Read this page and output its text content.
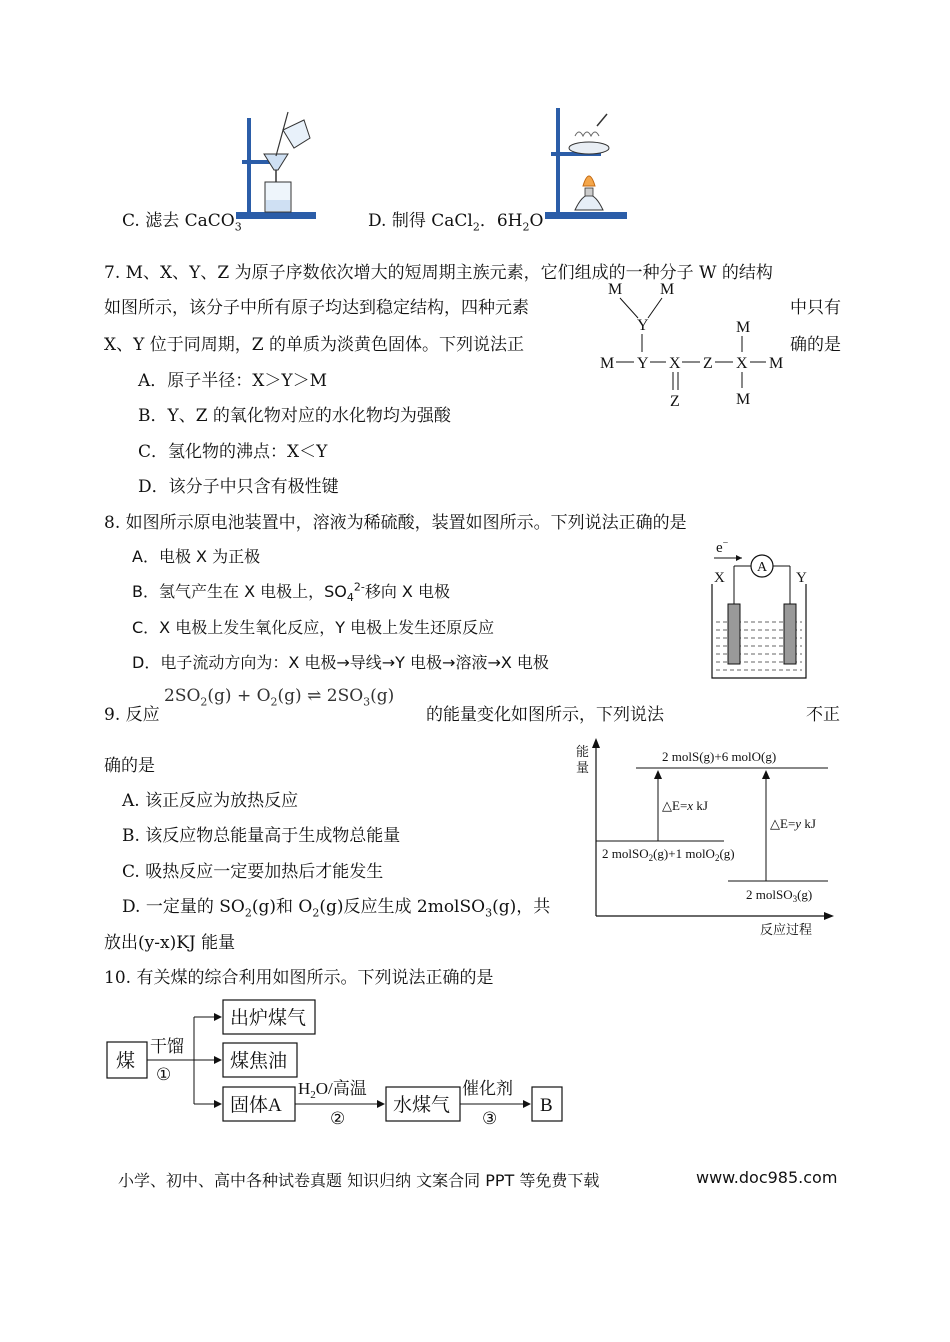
C. 滤去 CaCO$_3$	D. 制得 CaCl$_2$．$6H_2O$
7. M、X、Y、Z 为原子序数依次增大的短周期主族元素，它们组成的一种分子 W 的结构
如图所示，该分子中所有原子均达到稳定结构，四种元素	中只有
X、Y 位于同周期，Z 的单质为淡黄色固体。下列说法正	确的是
A．原子半径：X＞Y＞M
B．Y、Z 的氧化物对应的水化物均为强酸
C．氢化物的沸点：X＜Y
D．该分子中只含有极性键
M M
Y
M Y X Z X M
M
M
Z
8. 如图所示原电池装置中，溶液为稀硫酸，装置如图所示。下列说法正确的是
A．电极 X 为正极
B．氢气产生在 X 电极上，$SO_4^{2-}$移向 X 电极
C．X 电极上发生氧化反应，Y 电极上发生还原反应
D．电子流动方向为：X 电极→导线→Y 电极→溶液→X 电极
e−
A
X	Y
9. 反应
$2SO_2(g) + O_2(g)$ ⇌ $2SO_3(g)$
的能量变化如图所示，下列说法	不正
确的是
A. 该正反应为放热反应
B. 该反应物总能量高于生成物总能量
C. 吸热反应一定要加热后才能发生
D. 一定量的 $SO_2(g)$和 $O_2(g)$反应生成 2molSO$_3$(g)，共
放出(y-x)KJ 能量
能
量
反应过程
2 molS(g)+6 molO(g)
2 molSO$_2$(g)+1 molO$_2$(g)
2 molSO$_3$(g)
△E=x kJ
△E=y kJ
10. 有关煤的综合利用如图所示。下列说法正确的是
煤
干馏
①
出炉煤气
煤焦油
固体A
$H_2O/$高温
②
水煤气
催化剂
③
B
小学、初中、高中各种试卷真题 知识归纳 文案合同 PPT 等免费下载	www.doc985.com
